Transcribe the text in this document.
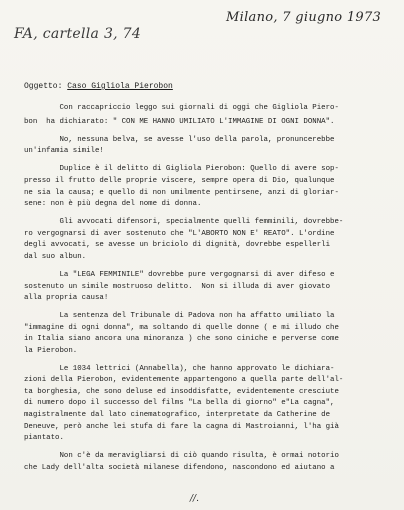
FA, cartella 3, 74
Milano, 7 giugno 1973
Oggetto: Caso Gigliola Pierobon
Con raccapriccio leggo sui giornali di oggi che Gigliola Piero-
bon  ha dichiarato: " CON ME HANNO UMILIATO L'IMMAGINE DI OGNI DONNA".
No, nessuna belva, se avesse l'uso della parola, pronuncerebbe
un'infamia simile!
Duplice è il delitto di Gigliola Pierobon: Quello di avere sop-
presso il frutto delle proprie viscere, sempre opera di Dio, qualunque
ne sia la causa; e quello di non umilmente pentirsene, anzi di gloriar-
sene: non è più degna del nome di donna.
Gli avvocati difensori, specialmente quelli femminili, dovrebbe-
ro vergognarsi di aver sostenuto che "L'ABORTO NON E' REATO". L'ordine
degli avvocati, se avesse un briciolo di dignità, dovrebbe espellerli
dal suo albun.
La "LEGA FEMMINILE" dovrebbe pure vergognarsi di aver difeso e
sostenuto un simile mostruoso delitto.  Non si illuda di aver giovato
alla propria causa!
La sentenza del Tribunale di Padova non ha affatto umiliato la
"immagine di ogni donna", ma soltando di quelle donne ( e mi illudo che
in Italia siano ancora una minoranza ) che sono ciniche e perverse come
la Pierobon.
Le 1034 lettrici (Annabella), che hanno approvato le dichiara-
zioni della Pierobon, evidentemente appartengono a quella parte dell'al-
ta borghesia, che sono deluse ed insoddisfatte, evidentemente cresciute
di numero dopo il successo del films "La bella di giorno" e"La cagna",
magistralmente dal lato cinematografico, interpretate da Catherine de
Deneuve, però anche lei stufa di fare la cagna di Mastroianni, l'ha già
piantato.
Non c'è da meravigliarsi di ciò quando risulta, è ormai notorio
che Lady dell'alta società milanese difendono, nascondono ed aiutano a
//.
